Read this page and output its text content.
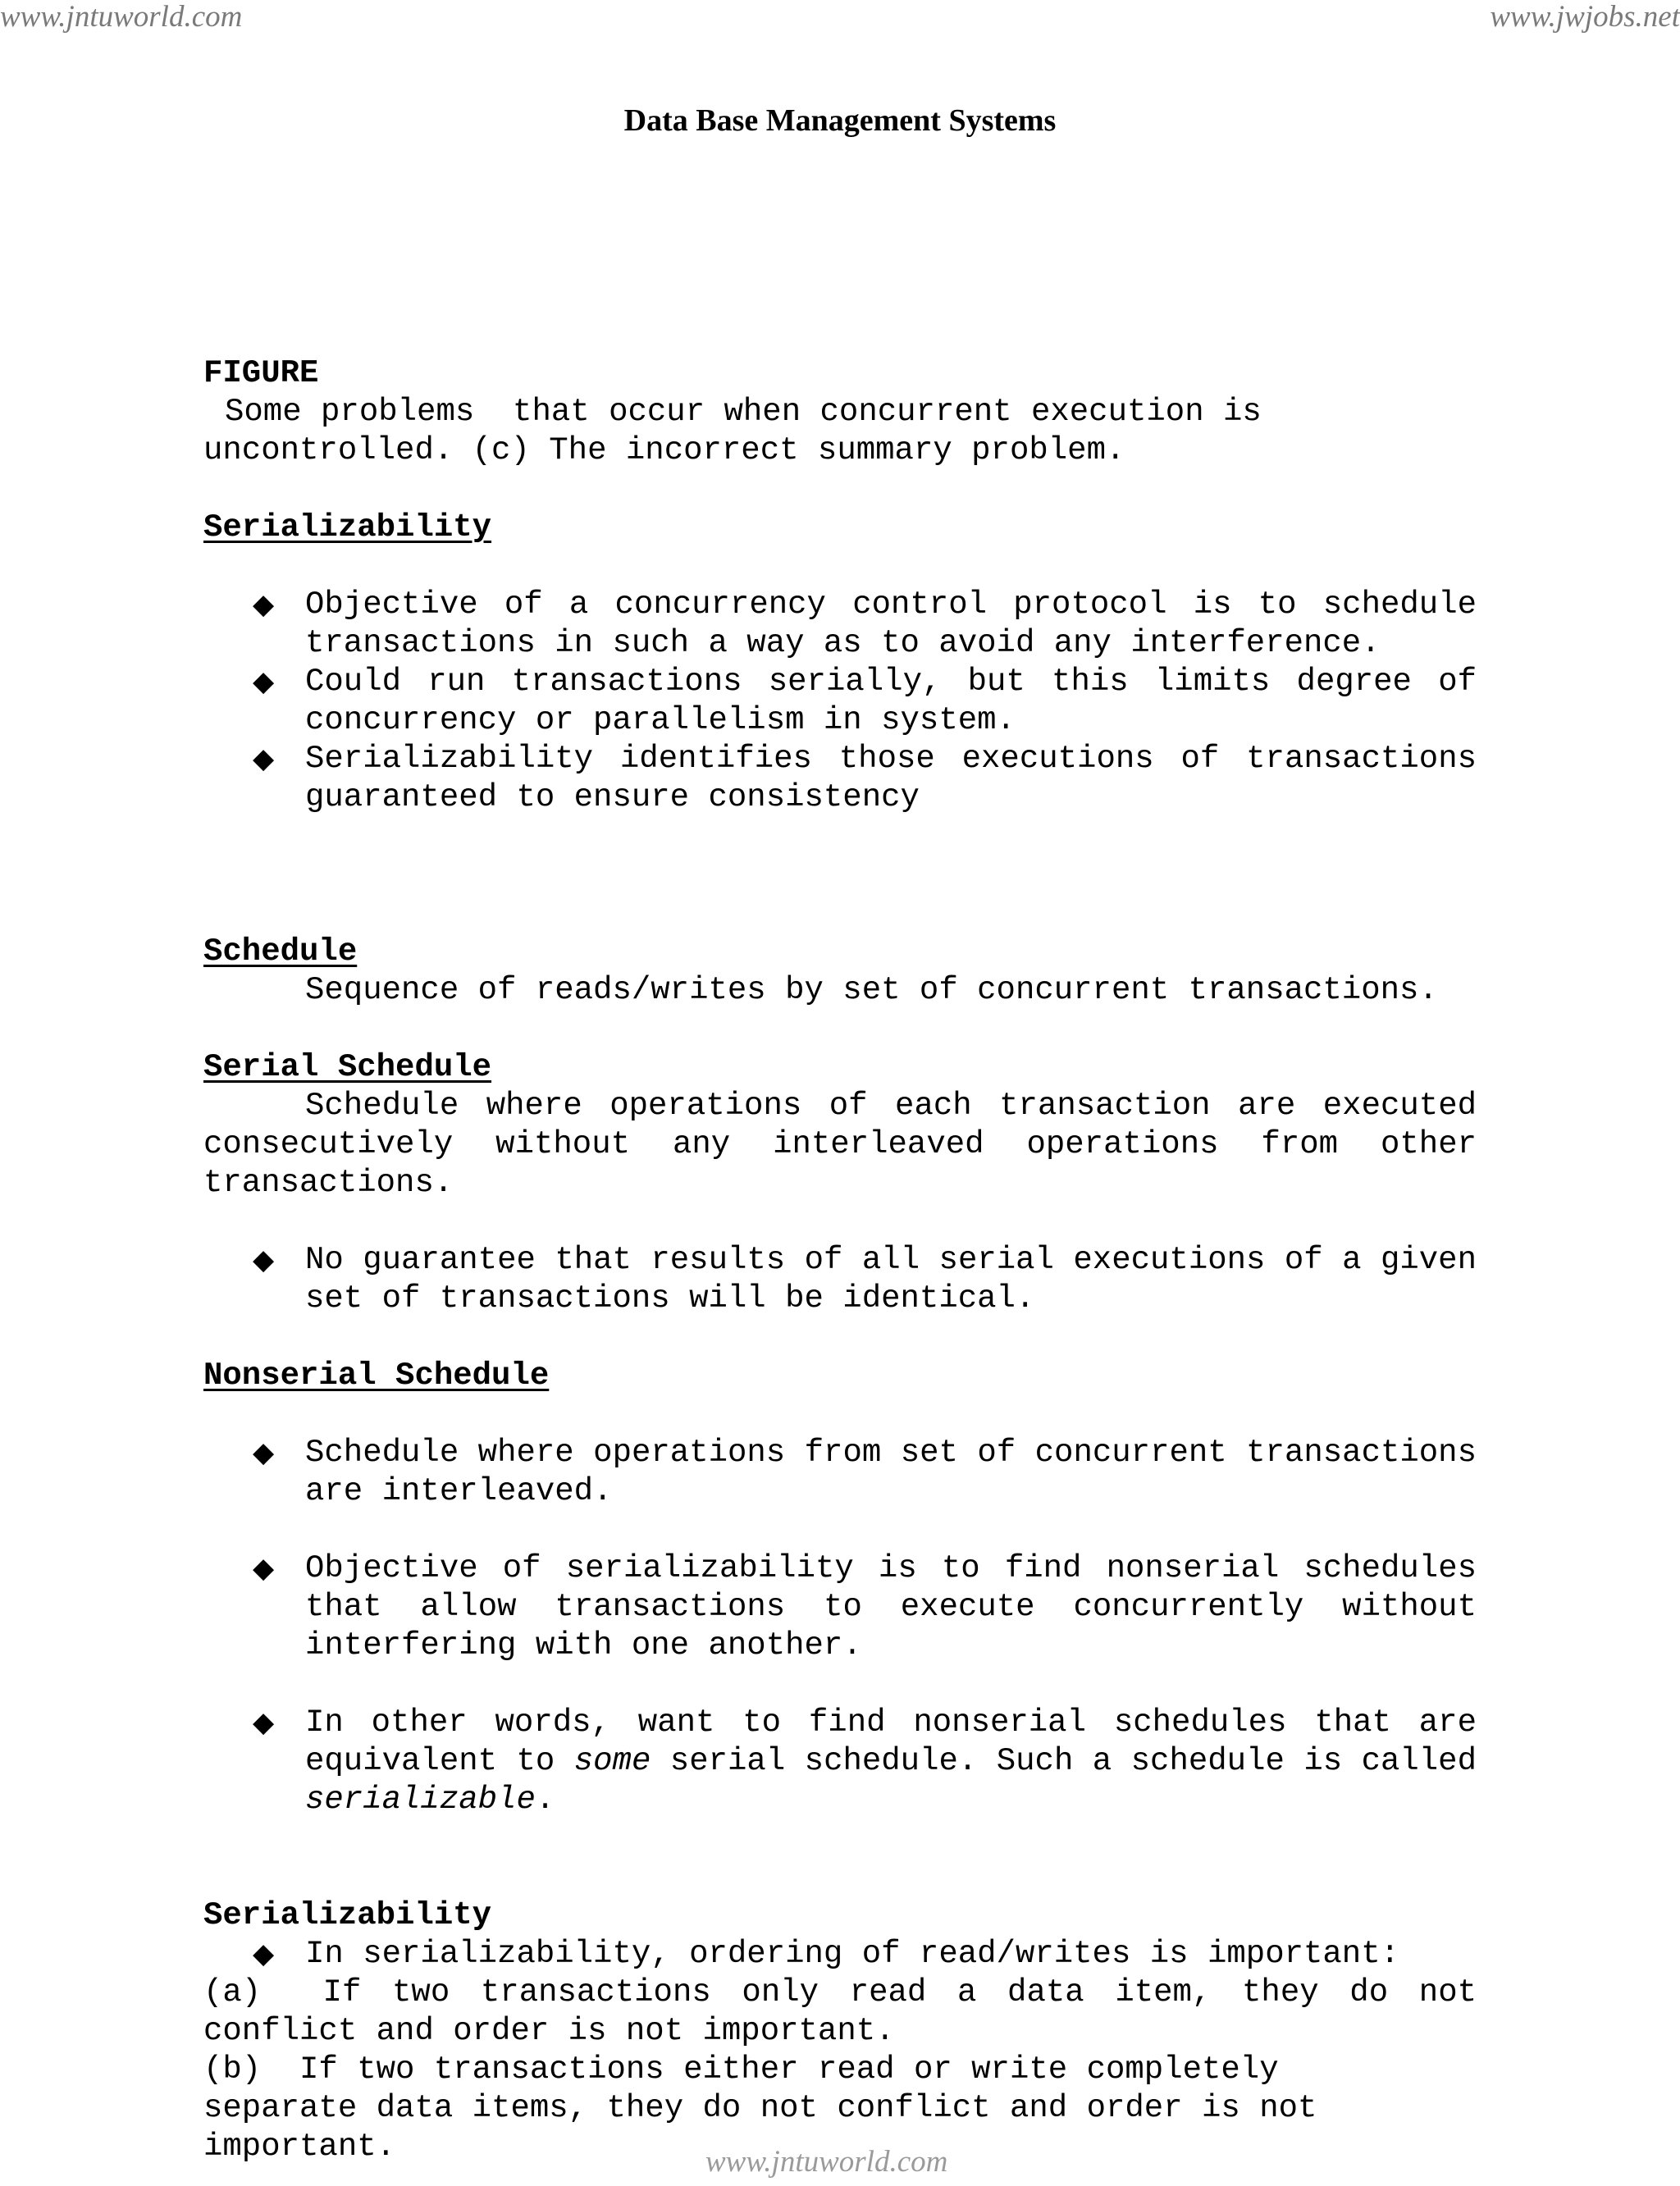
www.jntuworld.com	www.jwjobs.net
Data Base Management Systems

FIGURE

Some problems  that occur when concurrent execution is

uncontrolled. (c) The incorrect summary problem.

Serializability

◆ Objective of a concurrency control protocol is to schedule transactions in such a way as to avoid any interference.
◆ Could run transactions serially, but this limits degree of concurrency or parallelism in system.
◆ Serializability identifies those executions of transactions guaranteed to ensure consistency

Schedule

Sequence of reads/writes by set of concurrent transactions.

Serial Schedule

Schedule where operations of each transaction are executed consecutively without any interleaved operations from other transactions.

◆ No guarantee that results of all serial executions of a given set of transactions will be identical.

Nonserial Schedule

◆ Schedule where operations from set of concurrent transactions are interleaved.
◆ Objective of serializability is to find nonserial schedules that allow transactions to execute concurrently without interfering with one another.
◆ In other words, want to find nonserial schedules that are equivalent to some serial schedule. Such a schedule is called serializable.

Serializability

◆ In serializability, ordering of read/writes is important:

(a)  If two transactions only read a data item, they do not conflict and order is not important.

(b)  If two transactions either read or write completely

separate data items, they do not conflict and order is not

important.	www.jntuworld.com
